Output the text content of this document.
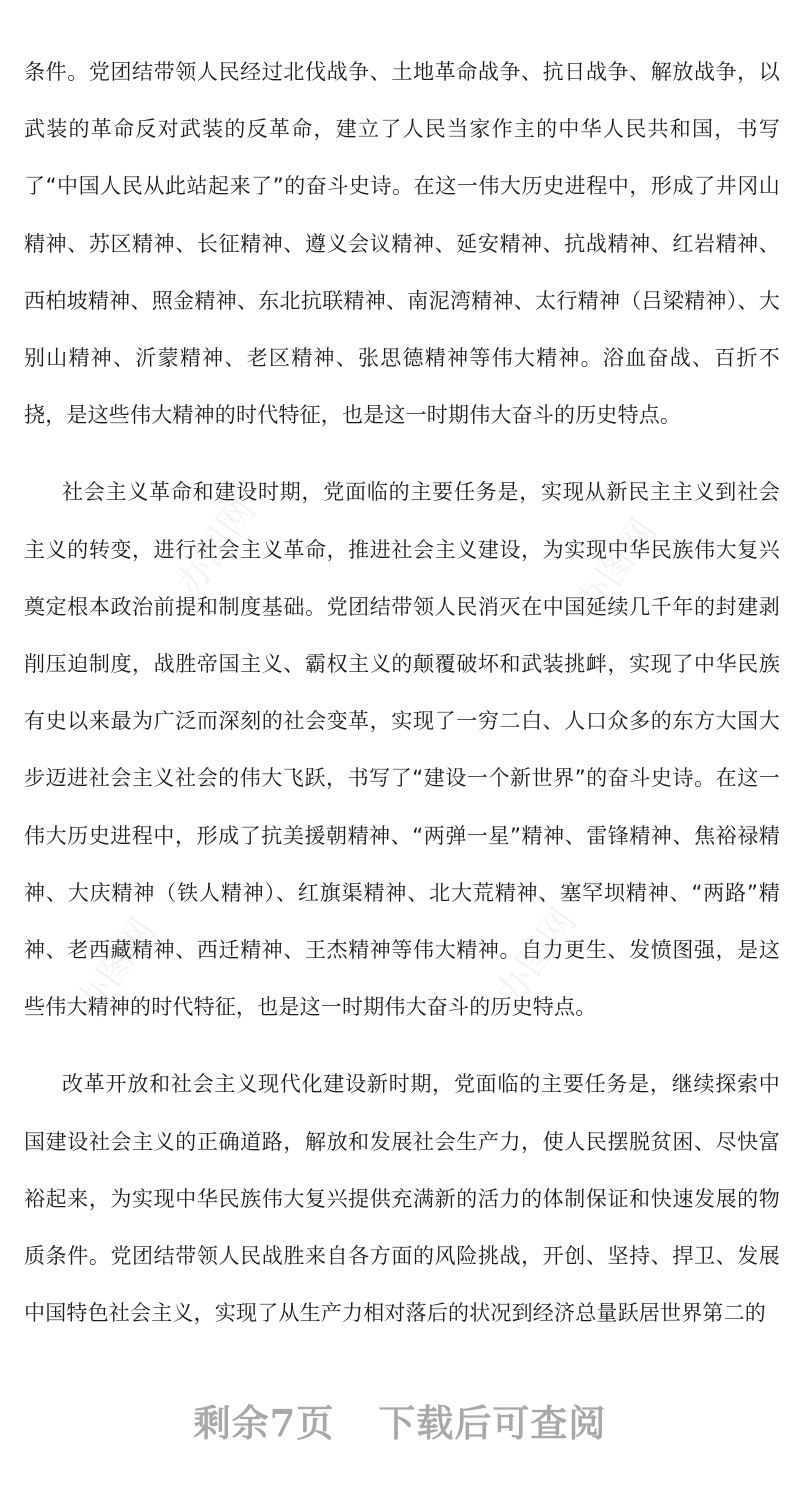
办图网	办图网
办图网	办图网

条件。党团结带领人民经过北伐战争、土地革命战争、抗日战争、解放战争，以武装的革命反对武装的反革命，建立了人民当家作主的中华人民共和国，书写了“中国人民从此站起来了”的奋斗史诗。在这一伟大历史进程中，形成了井冈山精神、苏区精神、长征精神、遵义会议精神、延安精神、抗战精神、红岩精神、西柏坡精神、照金精神、东北抗联精神、南泥湾精神、太行精神（吕梁精神）、大别山精神、沂蒙精神、老区精神、张思德精神等伟大精神。浴血奋战、百折不挠，是这些伟大精神的时代特征，也是这一时期伟大奋斗的历史特点。

社会主义革命和建设时期，党面临的主要任务是，实现从新民主主义到社会主义的转变，进行社会主义革命，推进社会主义建设，为实现中华民族伟大复兴奠定根本政治前提和制度基础。党团结带领人民消灭在中国延续几千年的封建剥削压迫制度，战胜帝国主义、霸权主义的颠覆破坏和武装挑衅，实现了中华民族有史以来最为广泛而深刻的社会变革，实现了一穷二白、人口众多的东方大国大步迈进社会主义社会的伟大飞跃，书写了“建设一个新世界”的奋斗史诗。在这一伟大历史进程中，形成了抗美援朝精神、“两弹一星”精神、雷锋精神、焦裕禄精神、大庆精神（铁人精神）、红旗渠精神、北大荒精神、塞罕坝精神、“两路”精神、老西藏精神、西迁精神、王杰精神等伟大精神。自力更生、发愤图强，是这些伟大精神的时代特征，也是这一时期伟大奋斗的历史特点。

改革开放和社会主义现代化建设新时期，党面临的主要任务是，继续探索中国建设社会主义的正确道路，解放和发展社会生产力，使人民摆脱贫困、尽快富裕起来，为实现中华民族伟大复兴提供充满新的活力的体制保证和快速发展的物质条件。党团结带领人民战胜来自各方面的风险挑战，开创、坚持、捍卫、发展中国特色社会主义，实现了从生产力相对落后的状况到经济总量跃居世界第二的

剩余7页 下载后可查阅
